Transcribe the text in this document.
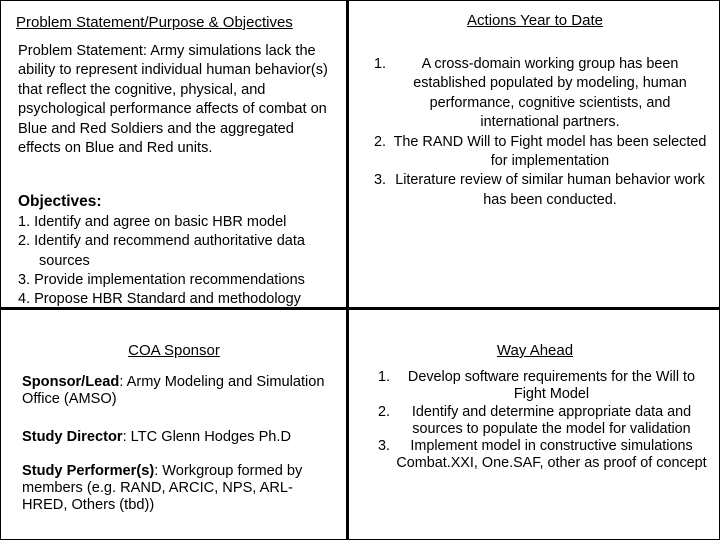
Problem Statement/Purpose & Objectives
Problem Statement: Army simulations lack the ability to represent individual human behavior(s) that reflect the cognitive, physical, and psychological performance affects of combat on Blue and Red Soldiers and the aggregated effects on Blue and Red units.
Objectives:
1. Identify and agree on basic HBR model
2. Identify and recommend authoritative data sources
3. Provide implementation recommendations
4. Propose HBR Standard and methodology
Actions Year to Date
1.	A cross-domain working group has been established populated by modeling, human performance, cognitive scientists, and international partners.
2. The RAND Will to Fight model has been selected for implementation
3. Literature review of similar human behavior work has been conducted.
COA Sponsor
Sponsor/Lead: Army Modeling and Simulation Office (AMSO)
Study Director: LTC Glenn Hodges Ph.D
Study Performer(s): Workgroup formed by members (e.g. RAND, ARCIC, NPS, ARL-HRED, Others (tbd))
Way Ahead
1.	Develop software requirements for the Will to Fight Model
2.	Identify and determine appropriate data and sources to populate the model for validation
3.	Implement model in constructive simulations Combat.XXI, One.SAF, other as proof of concept
